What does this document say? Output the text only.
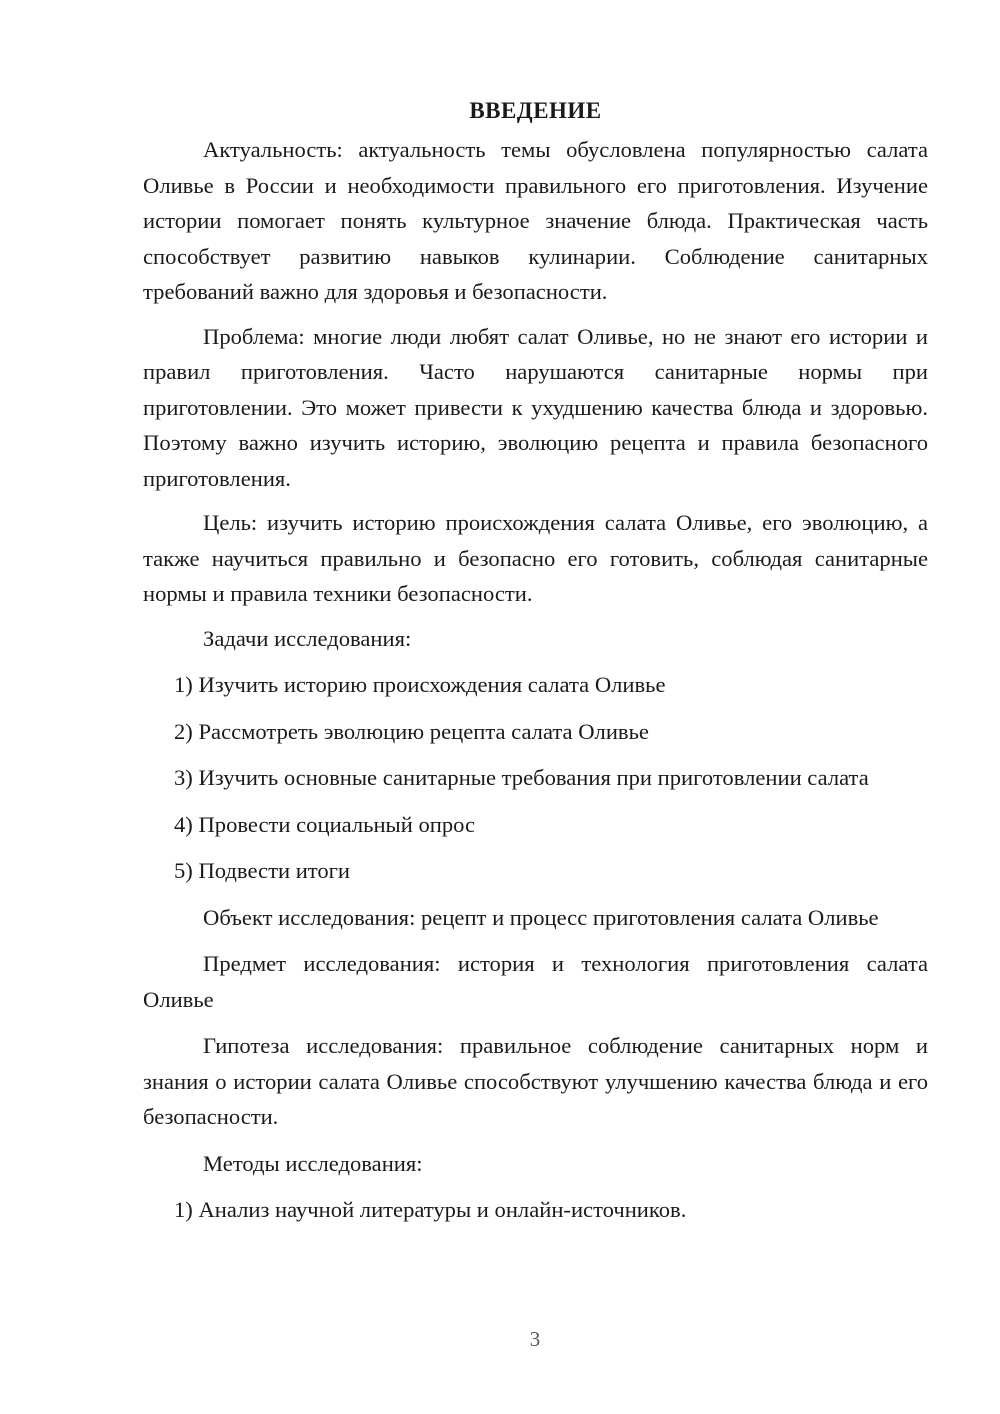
ВВЕДЕНИЕ

Актуальность: актуальность темы обусловлена популярностью салата Оливье в России и необходимости правильного его приготовления. Изучение истории помогает понять культурное значение блюда. Практическая часть способствует развитию навыков кулинарии. Соблюдение санитарных требований важно для здоровья и безопасности.

Проблема: многие люди любят салат Оливье, но не знают его истории и правил приготовления. Часто нарушаются санитарные нормы при приготовлении. Это может привести к ухудшению качества блюда и здоровью. Поэтому важно изучить историю, эволюцию рецепта и правила безопасного приготовления.

Цель: изучить историю происхождения салата Оливье, его эволюцию, а также научиться правильно и безопасно его готовить, соблюдая санитарные нормы и правила техники безопасности.

Задачи исследования:

1) Изучить историю происхождения салата Оливье

2) Рассмотреть эволюцию рецепта салата Оливье

3) Изучить основные санитарные требования при приготовлении салата

4) Провести социальный опрос

5) Подвести итоги

Объект исследования: рецепт и процесс приготовления салата Оливье

Предмет исследования: история и технология приготовления салата Оливье

Гипотеза исследования: правильное соблюдение санитарных норм и знания о истории салата Оливье способствуют улучшению качества блюда и его безопасности.

Методы исследования:

1) Анализ научной литературы и онлайн-источников.

3
